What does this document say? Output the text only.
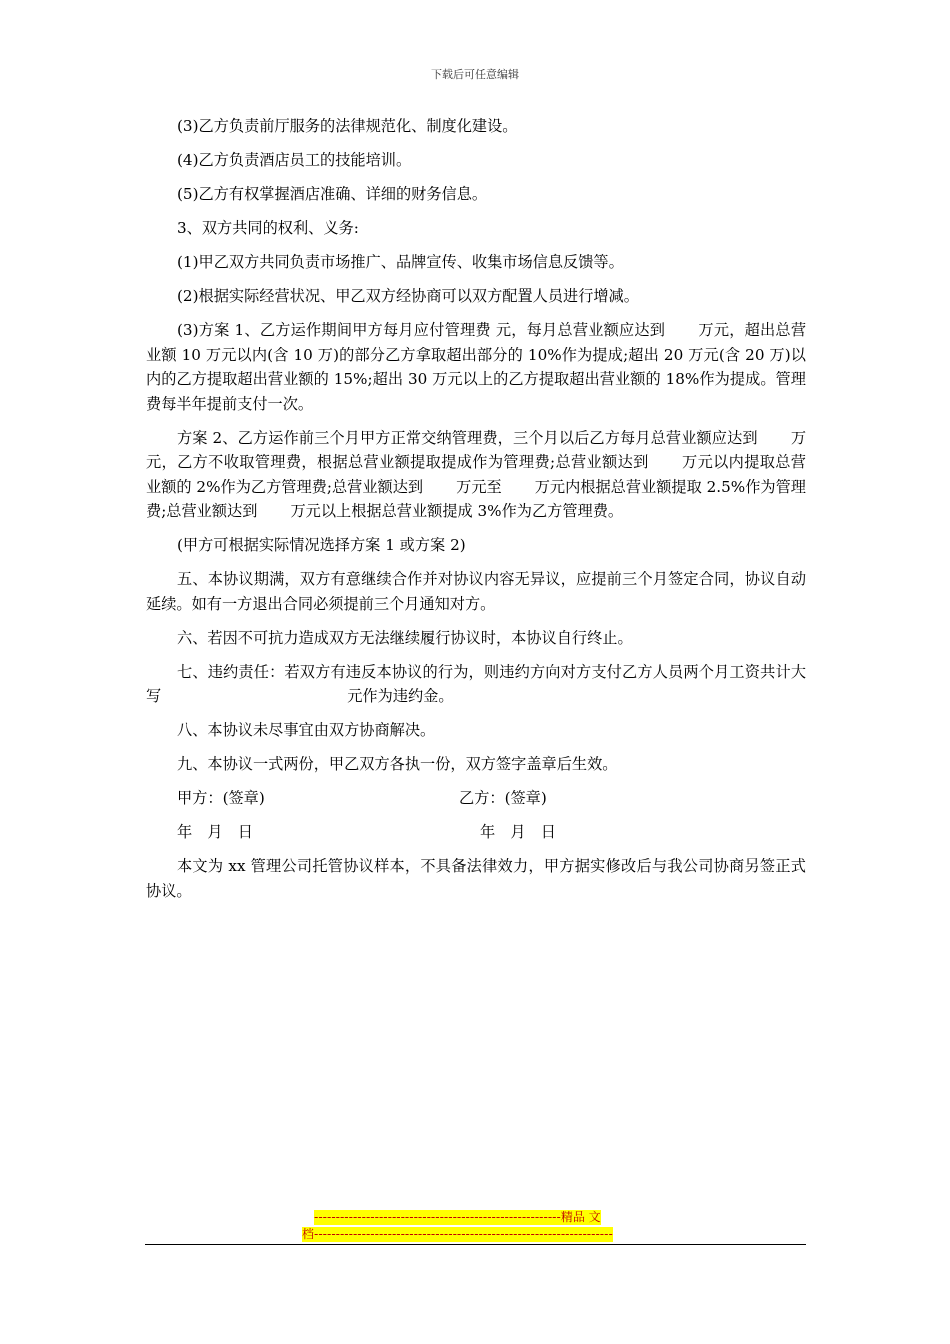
下载后可任意编辑

(3)乙方负责前厅服务的法律规范化、制度化建设。

(4)乙方负责酒店员工的技能培训。

(5)乙方有权掌握酒店准确、详细的财务信息。

3、双方共同的权利、义务:

(1)甲乙双方共同负责市场推广、品牌宣传、收集市场信息反馈等。

(2)根据实际经营状况、甲乙双方经协商可以双方配置人员进行增减。

(3)方案 1、乙方运作期间甲方每月应付管理费 元，每月总营业额应达到 万元，超出总营业额 10 万元以内(含 10 万)的部分乙方拿取超出部分的 10%作为提成;超出 20 万元(含 20 万)以内的乙方提取超出营业额的 15%;超出 30 万元以上的乙方提取超出营业额的 18%作为提成。管理费每半年提前支付一次。

方案 2、乙方运作前三个月甲方正常交纳管理费，三个月以后乙方每月总营业额应达到 万元，乙方不收取管理费，根据总营业额提取提成作为管理费;总营业额达到 万元以内提取总营业额的 2%作为乙方管理费;总营业额达到 万元至 万元内根据总营业额提取 2.5%作为管理费;总营业额达到 万元以上根据总营业额提成 3%作为乙方管理费。

(甲方可根据实际情况选择方案 1 或方案 2)

五、本协议期满，双方有意继续合作并对协议内容无异议，应提前三个月签定合同，协议自动延续。如有一方退出合同必须提前三个月通知对方。

六、若因不可抗力造成双方无法继续履行协议时，本协议自行终止。

七、违约责任：若双方有违反本协议的行为，则违约方向对方支付乙方人员两个月工资共计大写	元作为违约金。

八、本协议未尽事宜由双方协商解决。

九、本协议一式两份，甲乙双方各执一份，双方签字盖章后生效。

甲方：(签章)	乙方：(签章)
年　月　日	年　月　日

本文为 xx 管理公司托管协议样本，不具备法律效力，甲方据实修改后与我公司协商另签正式协议。

---------------------------------------------------------精品 文
档---------------------------------------------------------------------
